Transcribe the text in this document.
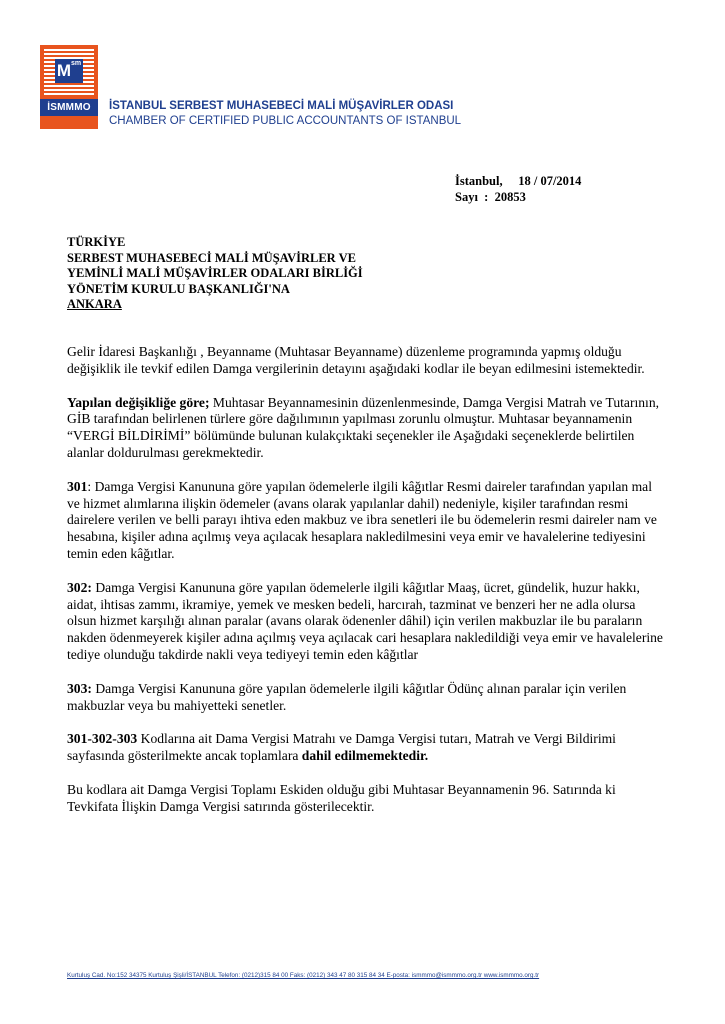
$M^{sm}$
İSMMMO	İSTANBUL SERBEST MUHASEBECİ MALİ MÜŞAVİRLER ODASI
CHAMBER OF CERTIFIED PUBLIC ACCOUNTANTS OF ISTANBUL
İstanbul, 18 / 07/2014
Sayı  : 20853
TÜRKİYE
SERBEST MUHASEBECİ MALİ MÜŞAVİRLER VE
YEMİNLİ MALİ MÜŞAVİRLER ODALARI BİRLİĞİ
YÖNETİM KURULU BAŞKANLIĞI'NA
ANKARA

Gelir İdaresi Başkanlığı , Beyanname (Muhtasar Beyanname) düzenleme programında yapmış olduğu değişiklik ile tevkif edilen Damga vergilerinin detayını aşağıdaki kodlar ile beyan edilmesini istemektedir.

Yapılan değişikliğe göre; Muhtasar Beyannamesinin düzenlenmesinde, Damga Vergisi Matrah ve Tutarının, GİB tarafından belirlenen türlere göre dağılımının yapılması zorunlu olmuştur. Muhtasar beyannamenin “VERGİ BİLDİRİMİ” bölümünde bulunan kulakçıktaki seçenekler ile Aşağıdaki seçeneklerde belirtilen alanlar doldurulması gerekmektedir.

301: Damga Vergisi Kanununa göre yapılan ödemelerle ilgili kâğıtlar Resmi daireler tarafından yapılan mal ve hizmet alımlarına ilişkin ödemeler (avans olarak yapılanlar dahil) nedeniyle, kişiler tarafından resmi dairelere verilen ve belli parayı ihtiva eden makbuz ve ibra senetleri ile bu ödemelerin resmi daireler nam ve hesabına, kişiler adına açılmış veya açılacak hesaplara nakledilmesini veya emir ve havalelerine tediyesini temin eden kâğıtlar.

302: Damga Vergisi Kanununa göre yapılan ödemelerle ilgili kâğıtlar Maaş, ücret, gündelik, huzur hakkı, aidat, ihtisas zammı, ikramiye, yemek ve mesken bedeli, harcırah, tazminat ve benzeri her ne adla olursa olsun hizmet karşılığı alınan paralar (avans olarak ödenenler dâhil) için verilen makbuzlar ile bu paraların nakden ödenmeyerek kişiler adına açılmış veya açılacak cari hesaplara nakledildiği veya emir ve havalelerine tediye olunduğu takdirde nakli veya tediyeyi temin eden kâğıtlar

303: Damga Vergisi Kanununa göre yapılan ödemelerle ilgili kâğıtlar Ödünç alınan paralar için verilen makbuzlar veya bu mahiyetteki senetler.

301-302-303 Kodlarına ait Dama Vergisi Matrahı ve Damga Vergisi tutarı, Matrah ve Vergi Bildirimi sayfasında gösterilmekte ancak toplamlara dahil edilmemektedir.

Bu kodlara ait Damga Vergisi Toplamı Eskiden olduğu gibi Muhtasar Beyannamenin 96. Satırında ki Tevkifata İlişkin Damga Vergisi satırında gösterilecektir.

Kurtuluş Cad. No:152 34375 Kurtuluş Şişli/İSTANBUL Telefon: (0212)315 84 00 Faks: (0212) 343 47 80 315 84 34 E-posta: ismmmo@ismmmo.org.tr www.ismmmo.org.tr
